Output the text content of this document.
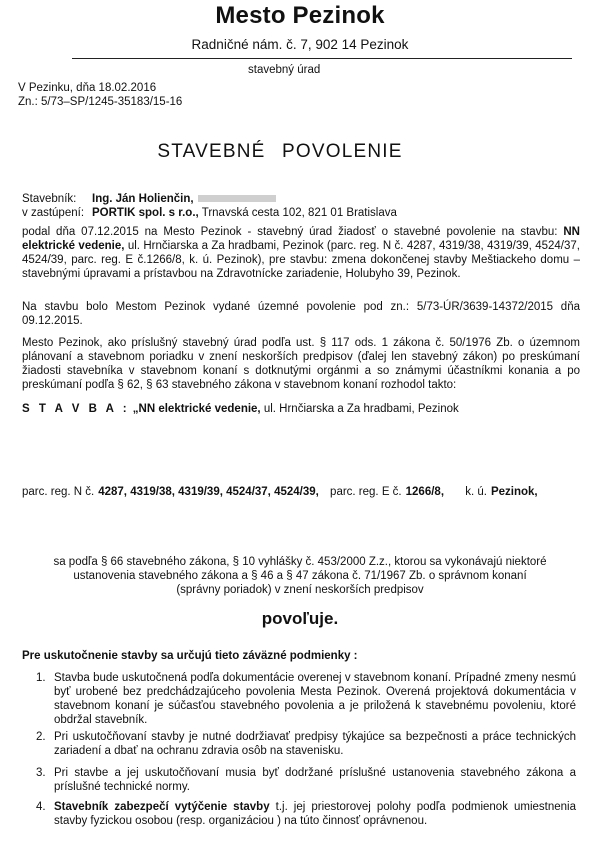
Mesto Pezinok
Radničné nám. č. 7, 902 14 Pezinok
stavebný úrad
V Pezinku, dňa 18.02.2016
Zn.: 5/73–SP/1245-35183/15-16
STAVEBNÉ POVOLENIE
Stavebník: Ing. Ján Holienčin,
v zastúpení: PORTIK spol. s r.o., Trnavská cesta 102, 821 01 Bratislava
podal dňa 07.12.2015 na Mesto Pezinok - stavebný úrad žiadosť o stavebné povolenie na stavbu: NN elektrické vedenie, ul. Hrnčiarska a Za hradbami, Pezinok (parc. reg. N č. 4287, 4319/38, 4319/39, 4524/37, 4524/39, parc. reg. E č.1266/8, k. ú. Pezinok), pre stavbu: zmena dokončenej stavby Meštiackeho domu – stavebnými úpravami a prístavbou na Zdravotnícke zariadenie, Holubyho 39, Pezinok.
Na stavbu bolo Mestom Pezinok vydané územné povolenie pod zn.: 5/73-ÚR/3639-14372/2015 dňa 09.12.2015.
Mesto Pezinok, ako príslušný stavebný úrad podľa ust. § 117 ods. 1 zákona č. 50/1976 Zb. o územnom plánovaní a stavebnom poriadku v znení neskorších predpisov (ďalej len stavebný zákon) po preskúmaní žiadosti stavebníka v stavebnom konaní s dotknutými orgánmi a so známymi účastníkmi konania a po preskúmaní podľa § 62, § 63 stavebného zákona v stavebnom konaní rozhodol takto:
S T A V B A : „NN elektrické vedenie, ul. Hrnčiarska a Za hradbami, Pezinok
parc. reg. N č. 4287, 4319/38, 4319/39, 4524/37, 4524/39, parc. reg. E č. 1266/8, k. ú. Pezinok,
sa podľa § 66 stavebného zákona, § 10 vyhlášky č. 453/2000 Z.z., ktorou sa vykonávajú niektoré
ustanovenia stavebného zákona a § 46 a § 47 zákona č. 71/1967 Zb. o správnom konaní
(správny poriadok) v znení neskorších predpisov
povoľuje.
Pre uskutočnenie stavby sa určujú tieto záväzné podmienky :
1. Stavba bude uskutočnená podľa dokumentácie overenej v stavebnom konaní. Prípadné zmeny nesmú byť urobené bez predchádzajúceho povolenia Mesta Pezinok. Overená projektová dokumentácia v stavebnom konaní je súčasťou stavebného povolenia a je priložená k stavebnému povoleniu, ktoré obdržal stavebník.
2. Pri uskutočňovaní stavby je nutné dodržiavať predpisy týkajúce sa bezpečnosti a práce technických zariadení a dbať na ochranu zdravia osôb na stavenisku.
3. Pri stavbe a jej uskutočňovaní musia byť dodržané príslušné ustanovenia stavebného zákona a príslušné technické normy.
4. Stavebník zabezpečí vytýčenie stavby t.j. jej priestorovej polohy podľa podmienok umiestnenia stavby fyzickou osobou (resp. organizáciou ) na túto činnosť oprávnenou.
